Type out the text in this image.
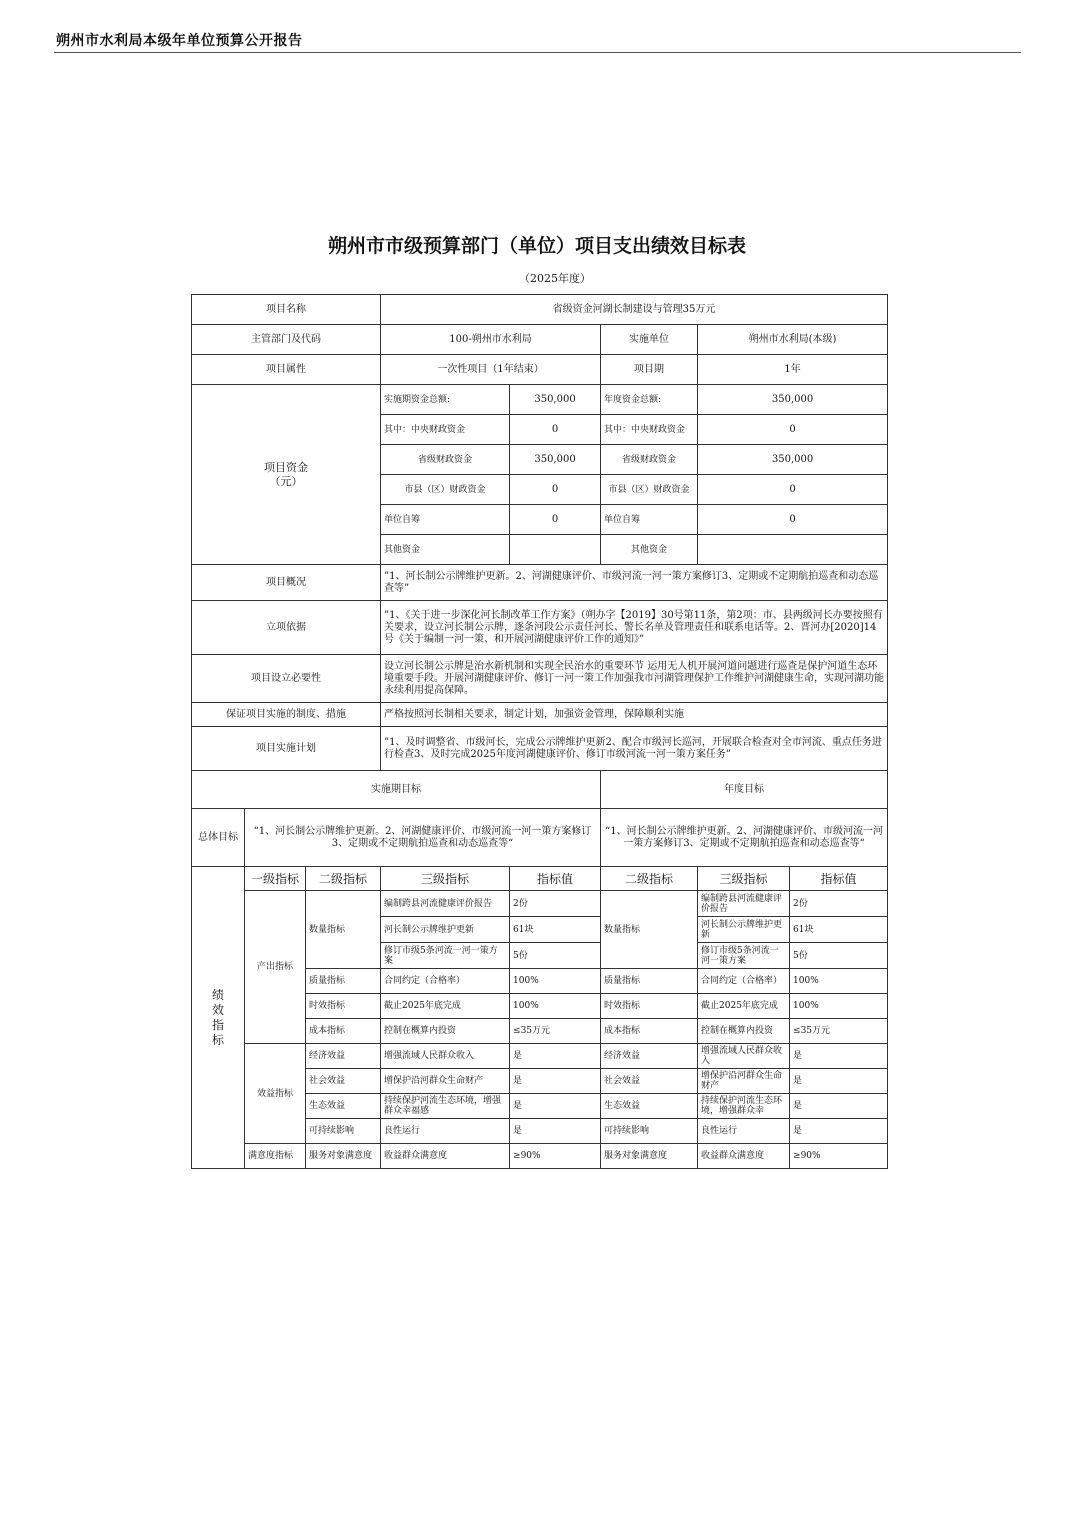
朔州市水利局本级年单位预算公开报告
朔州市市级预算部门（单位）项目支出绩效目标表
（2025年度）
项目名称			省级资金河湖长制建设与管理35万元				
主管部门及代码			100-朔州市水利局		实施单位	朔州市水利局(本级)	
项目属性			一次性项目（1年结束）		项目期	1年	
项目资金
（元）			实施期资金总额:	350,000	年度资金总额:	350,000	
			其中：中央财政资金	0	其中：中央财政资金	0	
			省级财政资金	350,000	省级财政资金	350,000	
			市县（区）财政资金	0	市县（区）财政资金	0	
			单位自筹	0	单位自筹	0	
			其他资金		其他资金		
项目概况			”1、河长制公示牌维护更新。2、河湖健康评价、市级河流一河一策方案修订3、定期或不定期航拍巡查和动态巡查等”				
立项依据			”1、《关于进一步深化河长制改革工作方案》（朔办字【2019】30号第11条，第2项：市、县两级河长办要按照有关要求，设立河长制公示牌，逐条河段公示责任河长、警长名单及管理责任和联系电话等。2、晋河办[2020]14号《关于编制一河一策、和开展河湖健康评价工作的通知》”				
项目设立必要性			设立河长制公示牌是治水新机制和实现全民治水的重要环节 运用无人机开展河道问题进行巡查是保护河道生态环境重要手段。开展河湖健康评价、修订一河一策工作加强我市河湖管理保护工作维护河湖健康生命，实现河湖功能永续利用提高保障。				
保证项目实施的制度、措施			严格按照河长制相关要求，制定计划，加强资金管理，保障顺利实施				
项目实施计划			”1、及时调整省、市级河长，完成公示牌维护更新2、配合市级河长巡河，开展联合检查对全市河流、重点任务进行检查3、及时完成2025年度河湖健康评价、修订市级河流一河一策方案任务”				
实施期目标					年度目标		
总体目标	“1、河长制公示牌维护更新。2、河湖健康评价、市级河流一河一策方案修订3、定期或不定期航拍巡查和动态巡查等“				“1、河长制公示牌维护更新。2、河湖健康评价、市级河流一河一策方案修订3、定期或不定期航拍巡查和动态巡查等“		
绩效指标	一级指标	二级指标	三级指标	指标值	二级指标	三级指标	指标值
	产出指标	数量指标	编制跨县河流健康评价报告	2份	数量指标	编制跨县河流健康评价报告	2份
			河长制公示牌维护更新	61块		河长制公示牌维护更新	61块
			修订市级5条河流一河一策方案	5份		修订市级5条河流一河一策方案	5份
		质量指标	合同约定（合格率）	100%	质量指标	合同约定（合格率）	100%
		时效指标	截止2025年底完成	100%	时效指标	截止2025年底完成	100%
		成本指标	控制在概算内投资	≤35万元	成本指标	控制在概算内投资	≤35万元
	效益指标	经济效益	增强流域人民群众收入	是	经济效益	增强流域人民群众收入	是
		社会效益	增保护沿河群众生命财产	是	社会效益	增保护沿河群众生命财产	是
		生态效益	持续保护河流生态环境，增强群众幸福感	是	生态效益	持续保护河流生态环境，增强群众幸	是
		可持续影响	良性运行	是	可持续影响	良性运行	是
	满意度指标	服务对象满意度	收益群众满意度	≥90%	服务对象满意度	收益群众满意度	≥90%
